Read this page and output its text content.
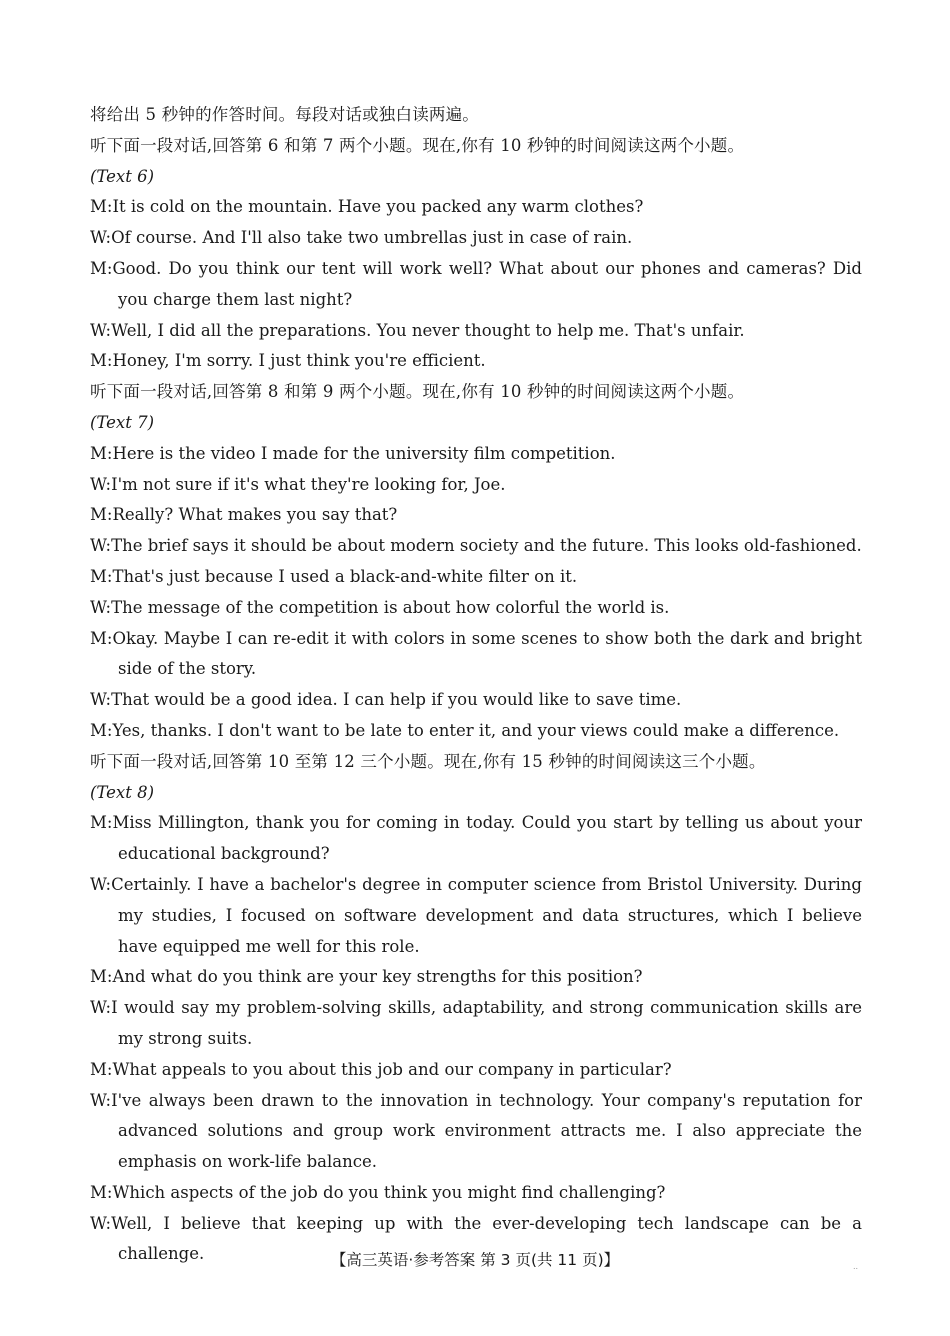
将给出 5 秒钟的作答时间。每段对话或独白读两遍。

听下面一段对话,回答第 6 和第 7 两个小题。现在,你有 10 秒钟的时间阅读这两个小题。

(Text 6)

M:It is cold on the mountain. Have you packed any warm clothes?

W:Of course. And I'll also take two umbrellas just in case of rain.

M:Good. Do you think our tent will work well? What about our phones and cameras? Did you charge them last night?

W:Well, I did all the preparations. You never thought to help me. That's unfair.

M:Honey, I'm sorry. I just think you're efficient.

听下面一段对话,回答第 8 和第 9 两个小题。现在,你有 10 秒钟的时间阅读这两个小题。

(Text 7)

M:Here is the video I made for the university film competition.

W:I'm not sure if it's what they're looking for, Joe.

M:Really? What makes you say that?

W:The brief says it should be about modern society and the future. This looks old-fashioned.

M:That's just because I used a black-and-white filter on it.

W:The message of the competition is about how colorful the world is.

M:Okay. Maybe I can re-edit it with colors in some scenes to show both the dark and bright side of the story.

W:That would be a good idea. I can help if you would like to save time.

M:Yes, thanks. I don't want to be late to enter it, and your views could make a difference.

听下面一段对话,回答第 10 至第 12 三个小题。现在,你有 15 秒钟的时间阅读这三个小题。

(Text 8)

M:Miss Millington, thank you for coming in today. Could you start by telling us about your educational background?

W:Certainly. I have a bachelor's degree in computer science from Bristol University. During my studies, I focused on software development and data structures, which I believe have equipped me well for this role.

M:And what do you think are your key strengths for this position?

W:I would say my problem-solving skills, adaptability, and strong communication skills are my strong suits.

M:What appeals to you about this job and our company in particular?

W:I've always been drawn to the innovation in technology. Your company's reputation for advanced solutions and group work environment attracts me. I also appreciate the emphasis on work-life balance.

M:Which aspects of the job do you think you might find challenging?

W:Well, I believe that keeping up with the ever-developing tech landscape can be a challenge.	【高三英语·参考答案 第 3 页(共 11 页)】	..
